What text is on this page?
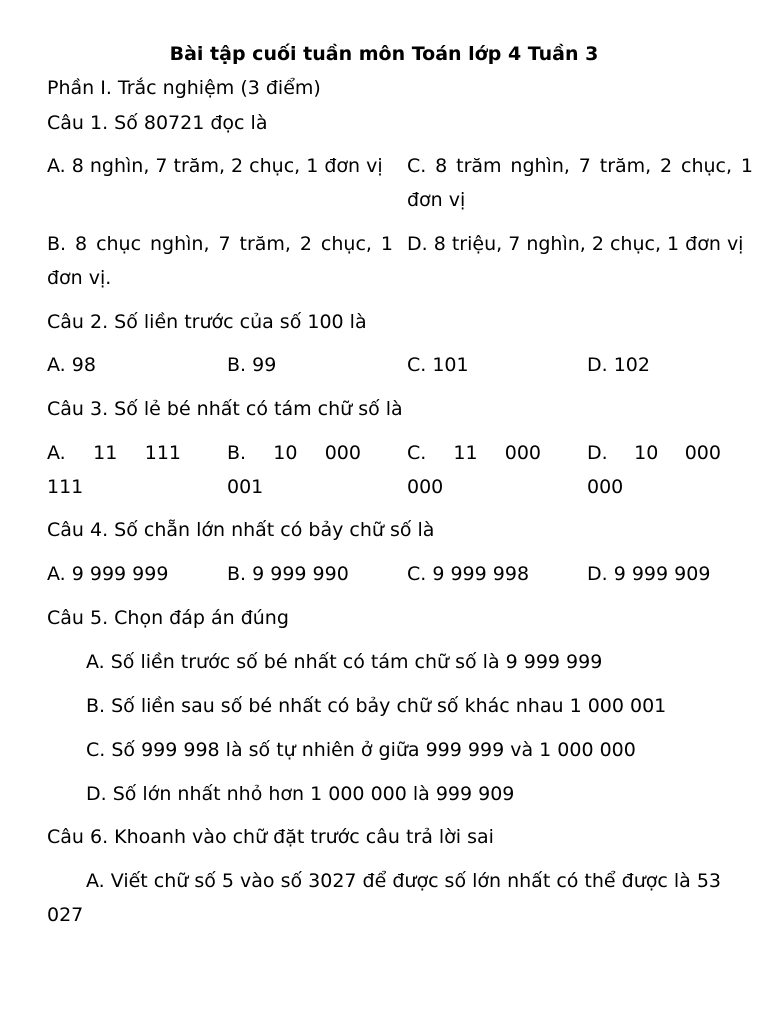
Bài tập cuối tuần môn Toán lớp 4 Tuần 3

Phần I. Trắc nghiệm (3 điểm)

Câu 1. Số 80721 đọc là

A. 8 nghìn, 7 trăm, 2 chục, 1 đơn vị	C. 8 trăm nghìn, 7 trăm, 2 chục, 1 đơn vị

B. 8 chục nghìn, 7 trăm, 2 chục, 1 đơn vị.

D. 8 triệu, 7 nghìn, 2 chục, 1 đơn vị

Câu 2. Số liền trước của số 100 là

A. 98	B. 99	C. 101	D. 102

Câu 3. Số lẻ bé nhất có tám chữ số là

A. 11 111 111

B. 10 000 001

C. 11 000 000

D. 10 000 000

Câu 4. Số chẵn lớn nhất có bảy chữ số là

A. 9 999 999	B. 9 999 990	C. 9 999 998	D. 9 999 909

Câu 5. Chọn đáp án đúng

A. Số liền trước số bé nhất có tám chữ số là 9 999 999

B. Số liền sau số bé nhất có bảy chữ số khác nhau 1 000 001

C. Số 999 998 là số tự nhiên ở giữa 999 999 và 1 000 000

D. Số lớn nhất nhỏ hơn 1 000 000 là 999 909

Câu 6. Khoanh vào chữ đặt trước câu trả lời sai

A. Viết chữ số 5 vào số 3027 để được số lớn nhất có thể được là 53 027
